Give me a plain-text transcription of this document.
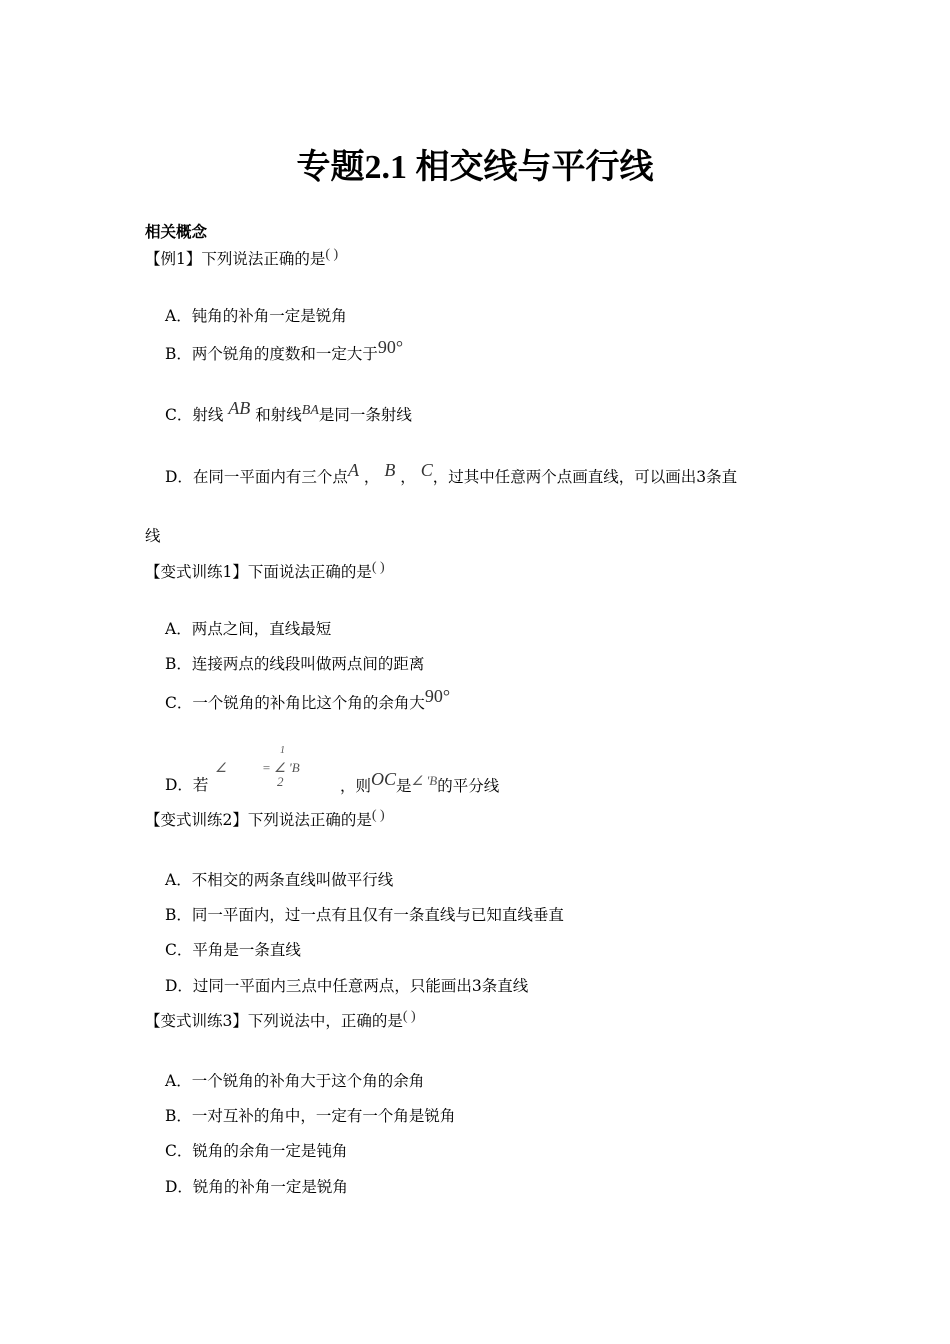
专题2.1 相交线与平行线
相关概念
【例1】下列说法正确的是( )
A．钝角的补角一定是锐角
B．两个锐角的度数和一定大于90°
C．射线 AB 和射线BA是同一条射线
D．在同一平面内有三个点A ， B ， C，过其中任意两个点画直线，可以画出3条直
线
【变式训练1】下面说法正确的是( )
A．两点之间，直线最短
B．连接两点的线段叫做两点间的距离
C．一个锐角的补角比这个角的余角大90°
D．若
∠	= ∠ 'B
1
2	，则OC是$^{\angle 'B}$的平分线
【变式训练2】下列说法正确的是( )
A．不相交的两条直线叫做平行线
B．同一平面内，过一点有且仅有一条直线与已知直线垂直
C．平角是一条直线
D．过同一平面内三点中任意两点，只能画出3条直线
【变式训练3】下列说法中，正确的是( )
A．一个锐角的补角大于这个角的余角
B．一对互补的角中，一定有一个角是锐角
C．锐角的余角一定是钝角
D．锐角的补角一定是锐角
